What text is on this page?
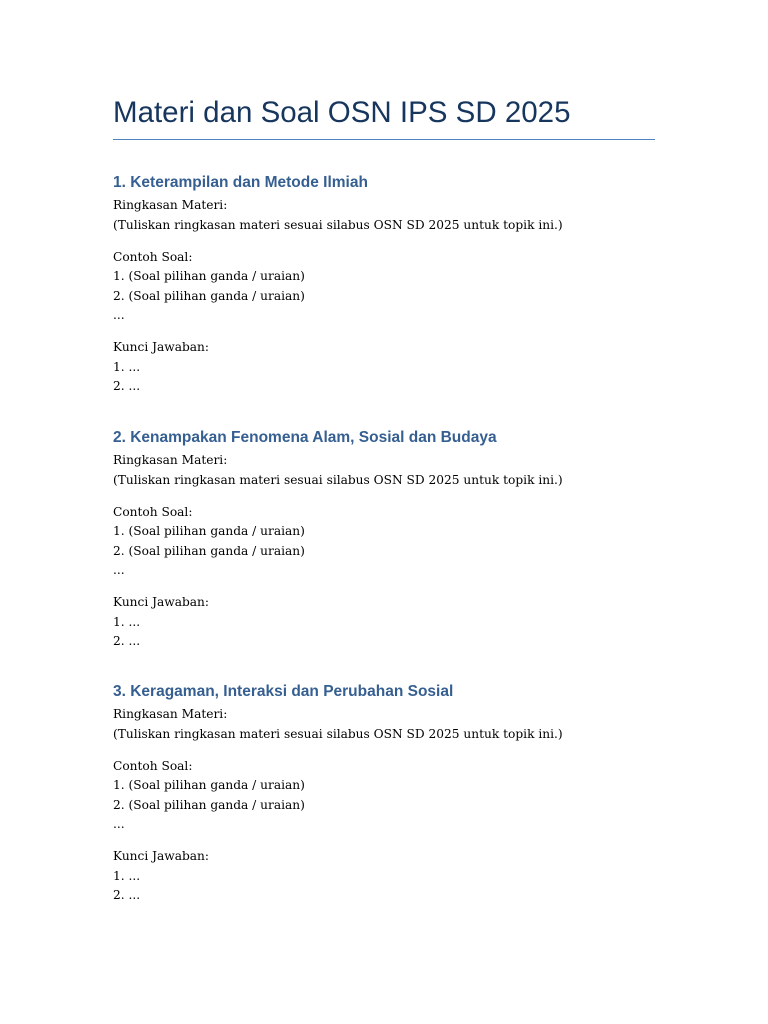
Materi dan Soal OSN IPS SD 2025
1. Keterampilan dan Metode Ilmiah
Ringkasan Materi:
(Tuliskan ringkasan materi sesuai silabus OSN SD 2025 untuk topik ini.)
Contoh Soal:
1. (Soal pilihan ganda / uraian)
2. (Soal pilihan ganda / uraian)
...
Kunci Jawaban:
1. ...
2. ...
2. Kenampakan Fenomena Alam, Sosial dan Budaya
Ringkasan Materi:
(Tuliskan ringkasan materi sesuai silabus OSN SD 2025 untuk topik ini.)
Contoh Soal:
1. (Soal pilihan ganda / uraian)
2. (Soal pilihan ganda / uraian)
...
Kunci Jawaban:
1. ...
2. ...
3. Keragaman, Interaksi dan Perubahan Sosial
Ringkasan Materi:
(Tuliskan ringkasan materi sesuai silabus OSN SD 2025 untuk topik ini.)
Contoh Soal:
1. (Soal pilihan ganda / uraian)
2. (Soal pilihan ganda / uraian)
...
Kunci Jawaban:
1. ...
2. ...
